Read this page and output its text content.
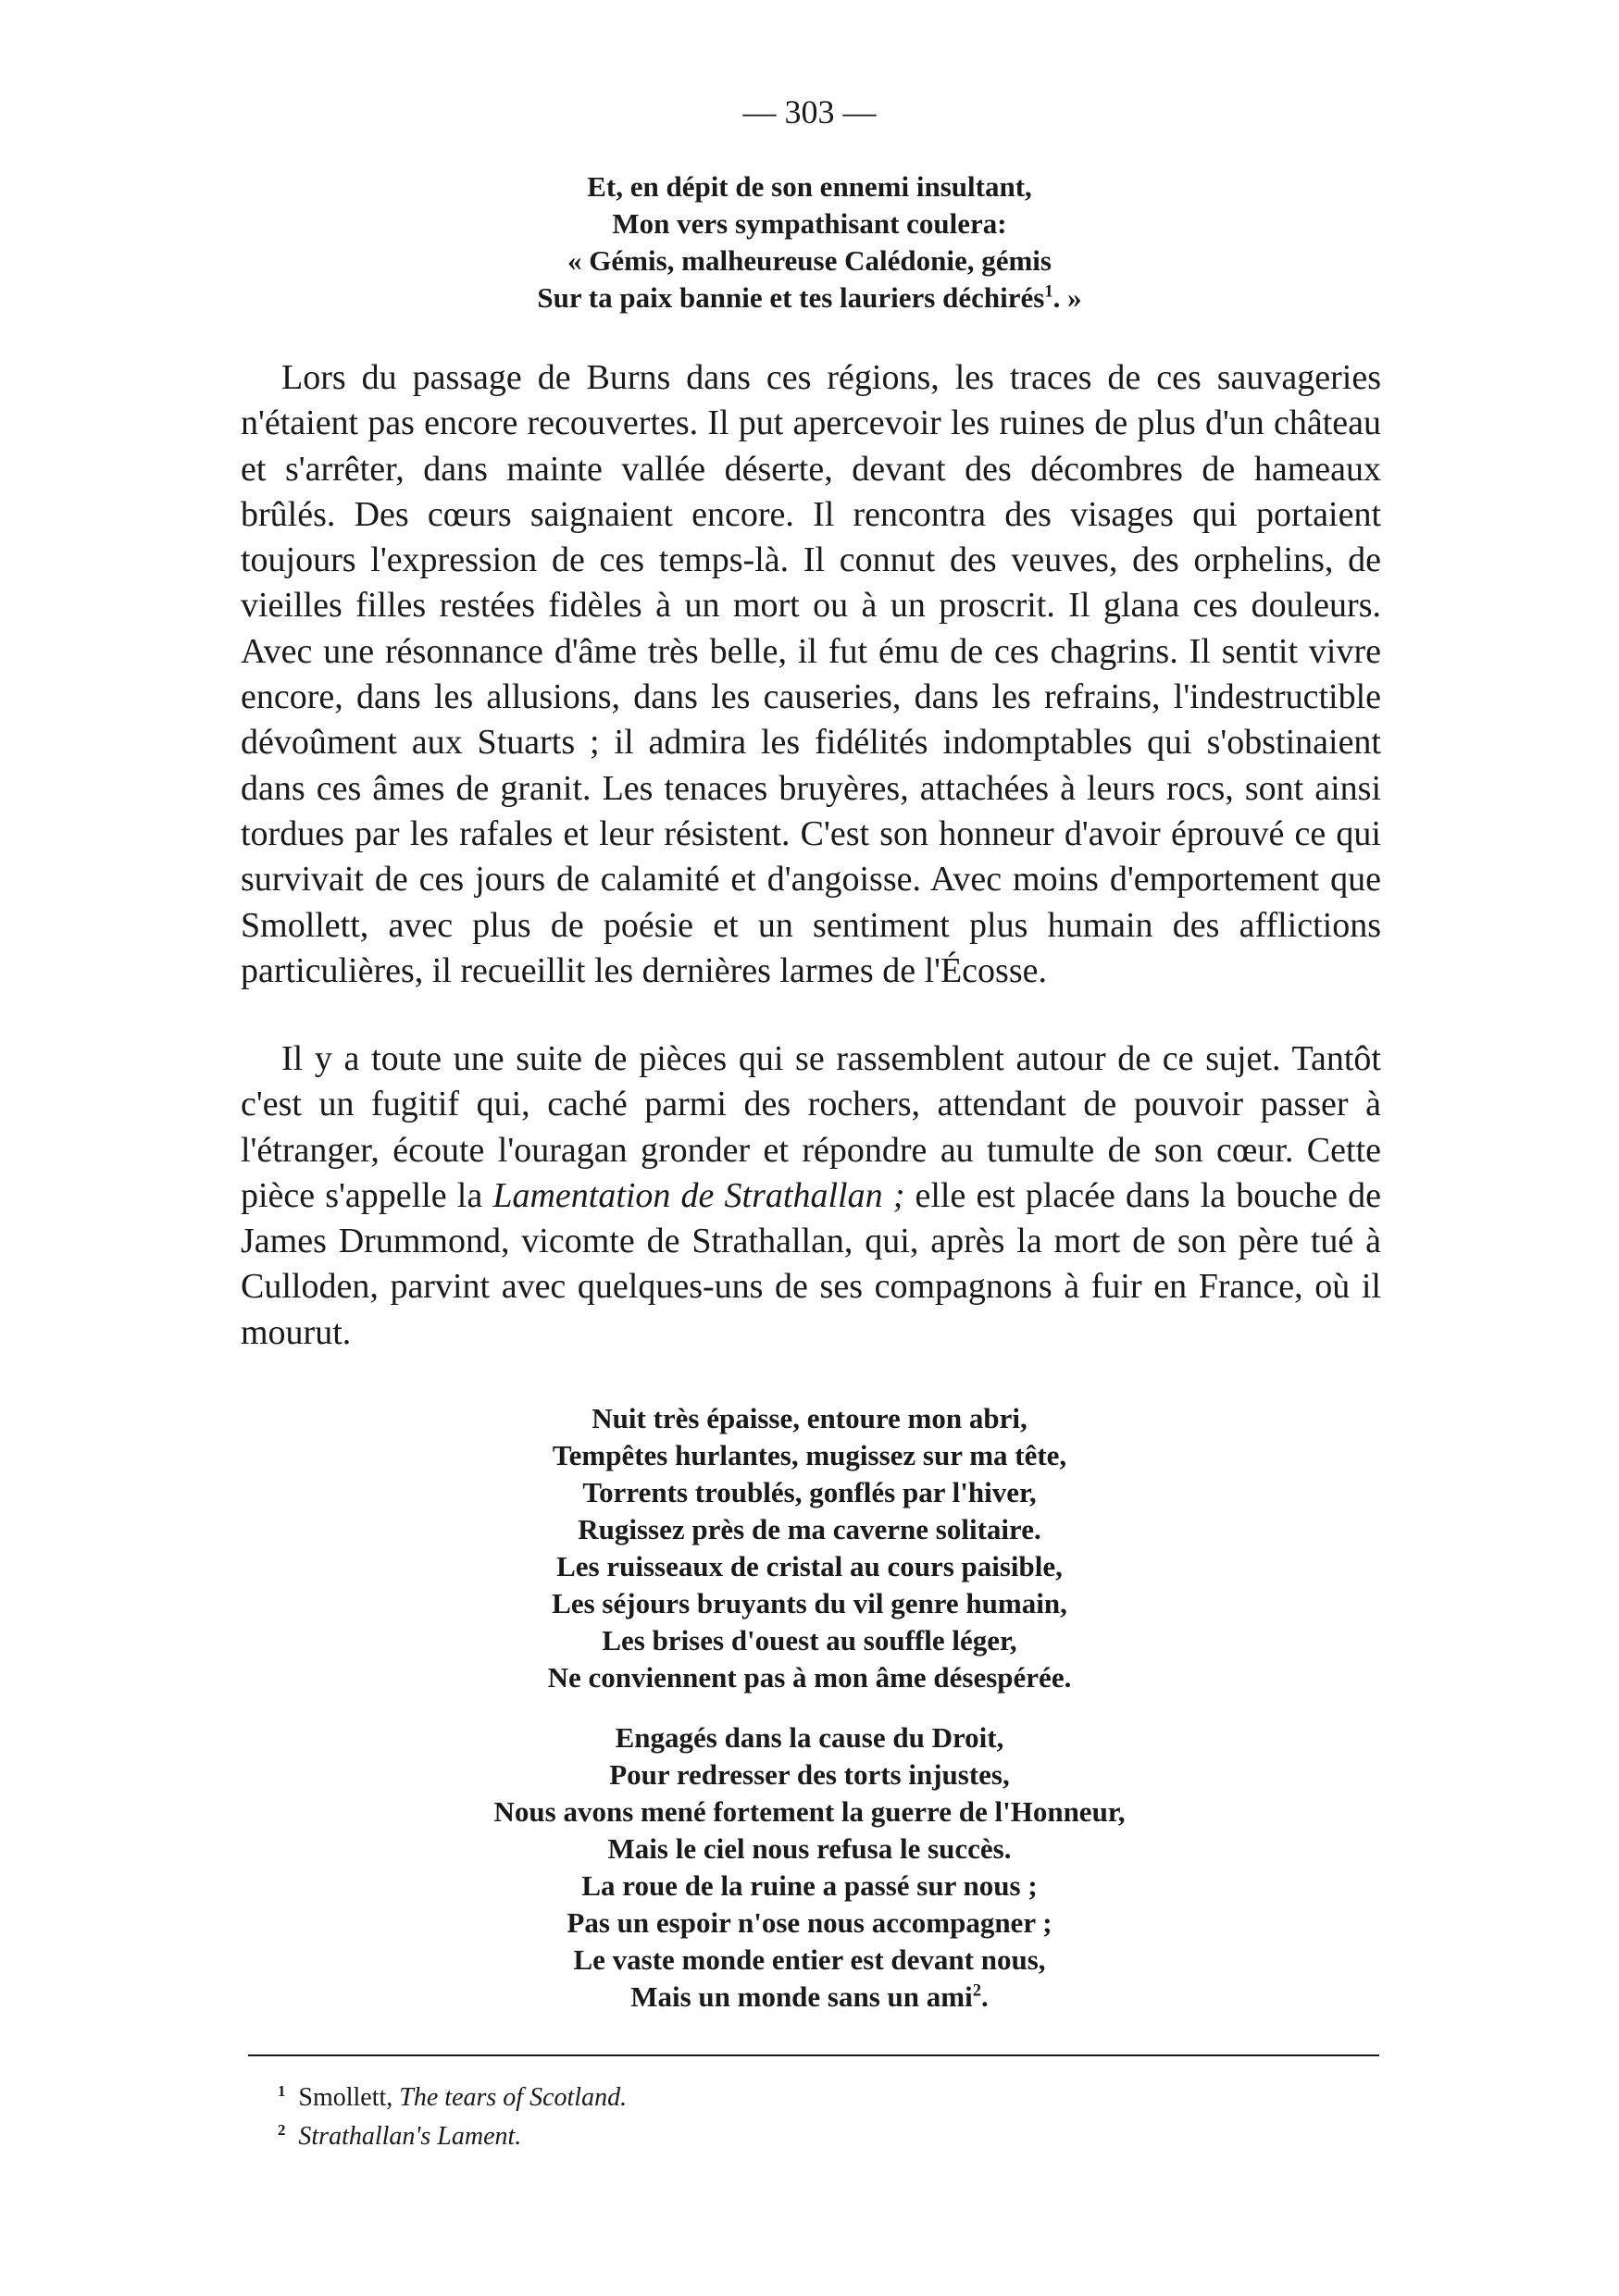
— 303 —
Et, en dépit de son ennemi insultant,
Mon vers sympathisant coulera:
« Gémis, malheureuse Calédonie, gémis
Sur ta paix bannie et tes lauriers déchirés$^1$. »

Lors du passage de Burns dans ces régions, les traces de ces sauvageries n'étaient pas encore recouvertes. Il put apercevoir les ruines de plus d'un château et s'arrêter, dans mainte vallée déserte, devant des décombres de hameaux brûlés. Des cœurs saignaient encore. Il rencontra des visages qui portaient toujours l'expression de ces temps-là. Il connut des veuves, des orphelins, de vieilles filles restées fidèles à un mort ou à un proscrit. Il glana ces douleurs. Avec une résonnance d'âme très belle, il fut ému de ces chagrins. Il sentit vivre encore, dans les allusions, dans les causeries, dans les refrains, l'indestructible dévoûment aux Stuarts ; il admira les fidélités indomptables qui s'obstinaient dans ces âmes de granit. Les tenaces bruyères, attachées à leurs rocs, sont ainsi tordues par les rafales et leur résistent. C'est son honneur d'avoir éprouvé ce qui survivait de ces jours de calamité et d'angoisse. Avec moins d'emportement que Smollett, avec plus de poésie et un sentiment plus humain des afflictions particulières, il recueillit les dernières larmes de l'Écosse.

Il y a toute une suite de pièces qui se rassemblent autour de ce sujet. Tantôt c'est un fugitif qui, caché parmi des rochers, attendant de pouvoir passer à l'étranger, écoute l'ouragan gronder et répondre au tumulte de son cœur. Cette pièce s'appelle la Lamentation de Strathallan ; elle est placée dans la bouche de James Drummond, vicomte de Strathallan, qui, après la mort de son père tué à Culloden, parvint avec quelques-uns de ses compagnons à fuir en France, où il mourut.

Nuit très épaisse, entoure mon abri,
Tempêtes hurlantes, mugissez sur ma tête,
Torrents troublés, gonflés par l'hiver,
Rugissez près de ma caverne solitaire.
Les ruisseaux de cristal au cours paisible,
Les séjours bruyants du vil genre humain,
Les brises d'ouest au souffle léger,
Ne conviennent pas à mon âme désespérée.
Engagés dans la cause du Droit,
Pour redresser des torts injustes,
Nous avons mené fortement la guerre de l'Honneur,
Mais le ciel nous refusa le succès.
La roue de la ruine a passé sur nous ;
Pas un espoir n'ose nous accompagner ;
Le vaste monde entier est devant nous,
Mais un monde sans un ami$^2$.
$^1$ Smollett, The tears of Scotland.
$^2$ Strathallan's Lament.
